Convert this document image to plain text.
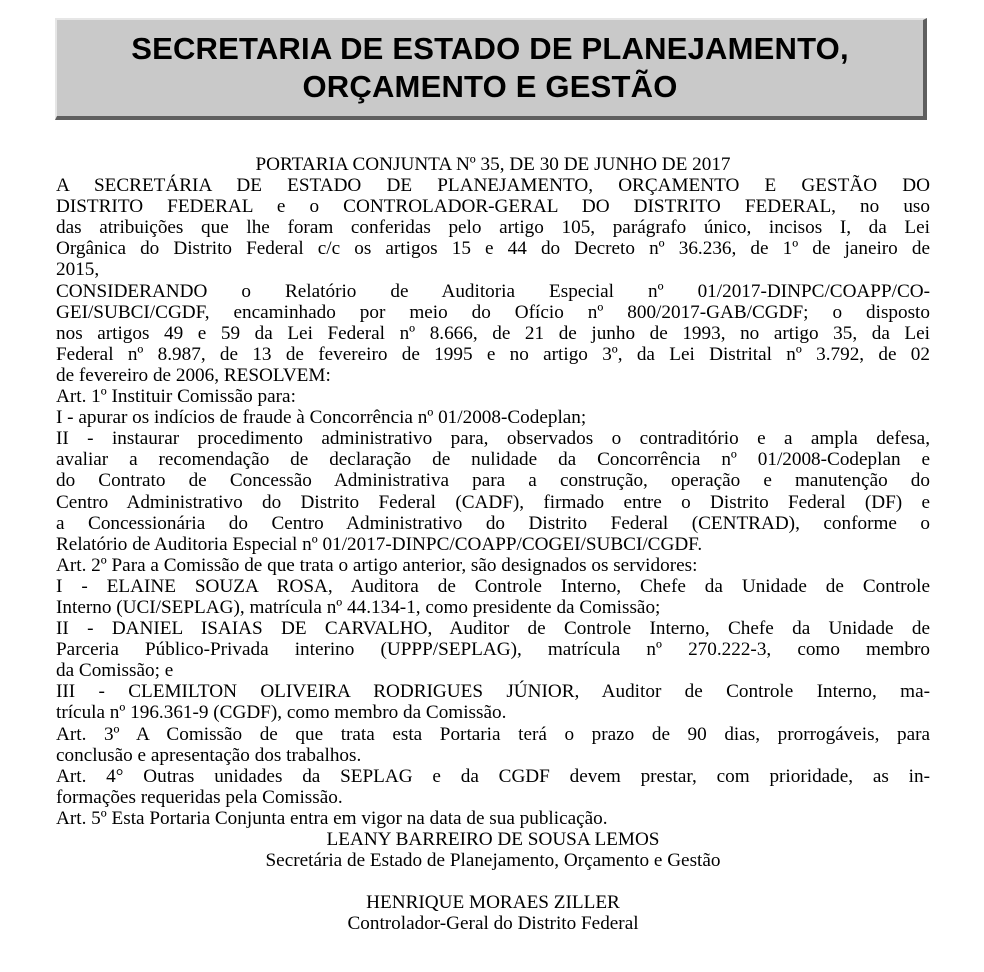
SECRETARIA DE ESTADO DE PLANEJAMENTO,
ORÇAMENTO E GESTÃO
PORTARIA CONJUNTA Nº 35, DE 30 DE JUNHO DE 2017
A SECRETÁRIA DE ESTADO DE PLANEJAMENTO, ORÇAMENTO E GESTÃO DO
DISTRITO FEDERAL e o CONTROLADOR-GERAL DO DISTRITO FEDERAL, no uso
das atribuições que lhe foram conferidas pelo artigo 105, parágrafo único, incisos I, da Lei
Orgânica do Distrito Federal c/c os artigos 15 e 44 do Decreto nº 36.236, de 1º de janeiro de
2015,
CONSIDERANDO o Relatório de Auditoria Especial nº 01/2017-DINPC/COAPP/CO-
GEI/SUBCI/CGDF, encaminhado por meio do Ofício nº 800/2017-GAB/CGDF; o disposto
nos artigos 49 e 59 da Lei Federal nº 8.666, de 21 de junho de 1993, no artigo 35, da Lei
Federal nº 8.987, de 13 de fevereiro de 1995 e no artigo 3º, da Lei Distrital nº 3.792, de 02
de fevereiro de 2006, RESOLVEM:
Art. 1º Instituir Comissão para:
I - apurar os indícios de fraude à Concorrência nº 01/2008-Codeplan;
II - instaurar procedimento administrativo para, observados o contraditório e a ampla defesa,
avaliar a recomendação de declaração de nulidade da Concorrência nº 01/2008-Codeplan e
do Contrato de Concessão Administrativa para a construção, operação e manutenção do
Centro Administrativo do Distrito Federal (CADF), firmado entre o Distrito Federal (DF) e
a Concessionária do Centro Administrativo do Distrito Federal (CENTRAD), conforme o
Relatório de Auditoria Especial nº 01/2017-DINPC/COAPP/COGEI/SUBCI/CGDF.
Art. 2º Para a Comissão de que trata o artigo anterior, são designados os servidores:
I - ELAINE SOUZA ROSA, Auditora de Controle Interno, Chefe da Unidade de Controle
Interno (UCI/SEPLAG), matrícula nº 44.134-1, como presidente da Comissão;
II - DANIEL ISAIAS DE CARVALHO, Auditor de Controle Interno, Chefe da Unidade de
Parceria Público-Privada interino (UPPP/SEPLAG), matrícula nº 270.222-3, como membro
da Comissão; e
III - CLEMILTON OLIVEIRA RODRIGUES JÚNIOR, Auditor de Controle Interno, ma-
trícula nº 196.361-9 (CGDF), como membro da Comissão.
Art. 3º A Comissão de que trata esta Portaria terá o prazo de 90 dias, prorrogáveis, para
conclusão e apresentação dos trabalhos.
Art. 4° Outras unidades da SEPLAG e da CGDF devem prestar, com prioridade, as in-
formações requeridas pela Comissão.
Art. 5º Esta Portaria Conjunta entra em vigor na data de sua publicação.
LEANY BARREIRO DE SOUSA LEMOS
Secretária de Estado de Planejamento, Orçamento e Gestão
HENRIQUE MORAES ZILLER
Controlador-Geral do Distrito Federal
